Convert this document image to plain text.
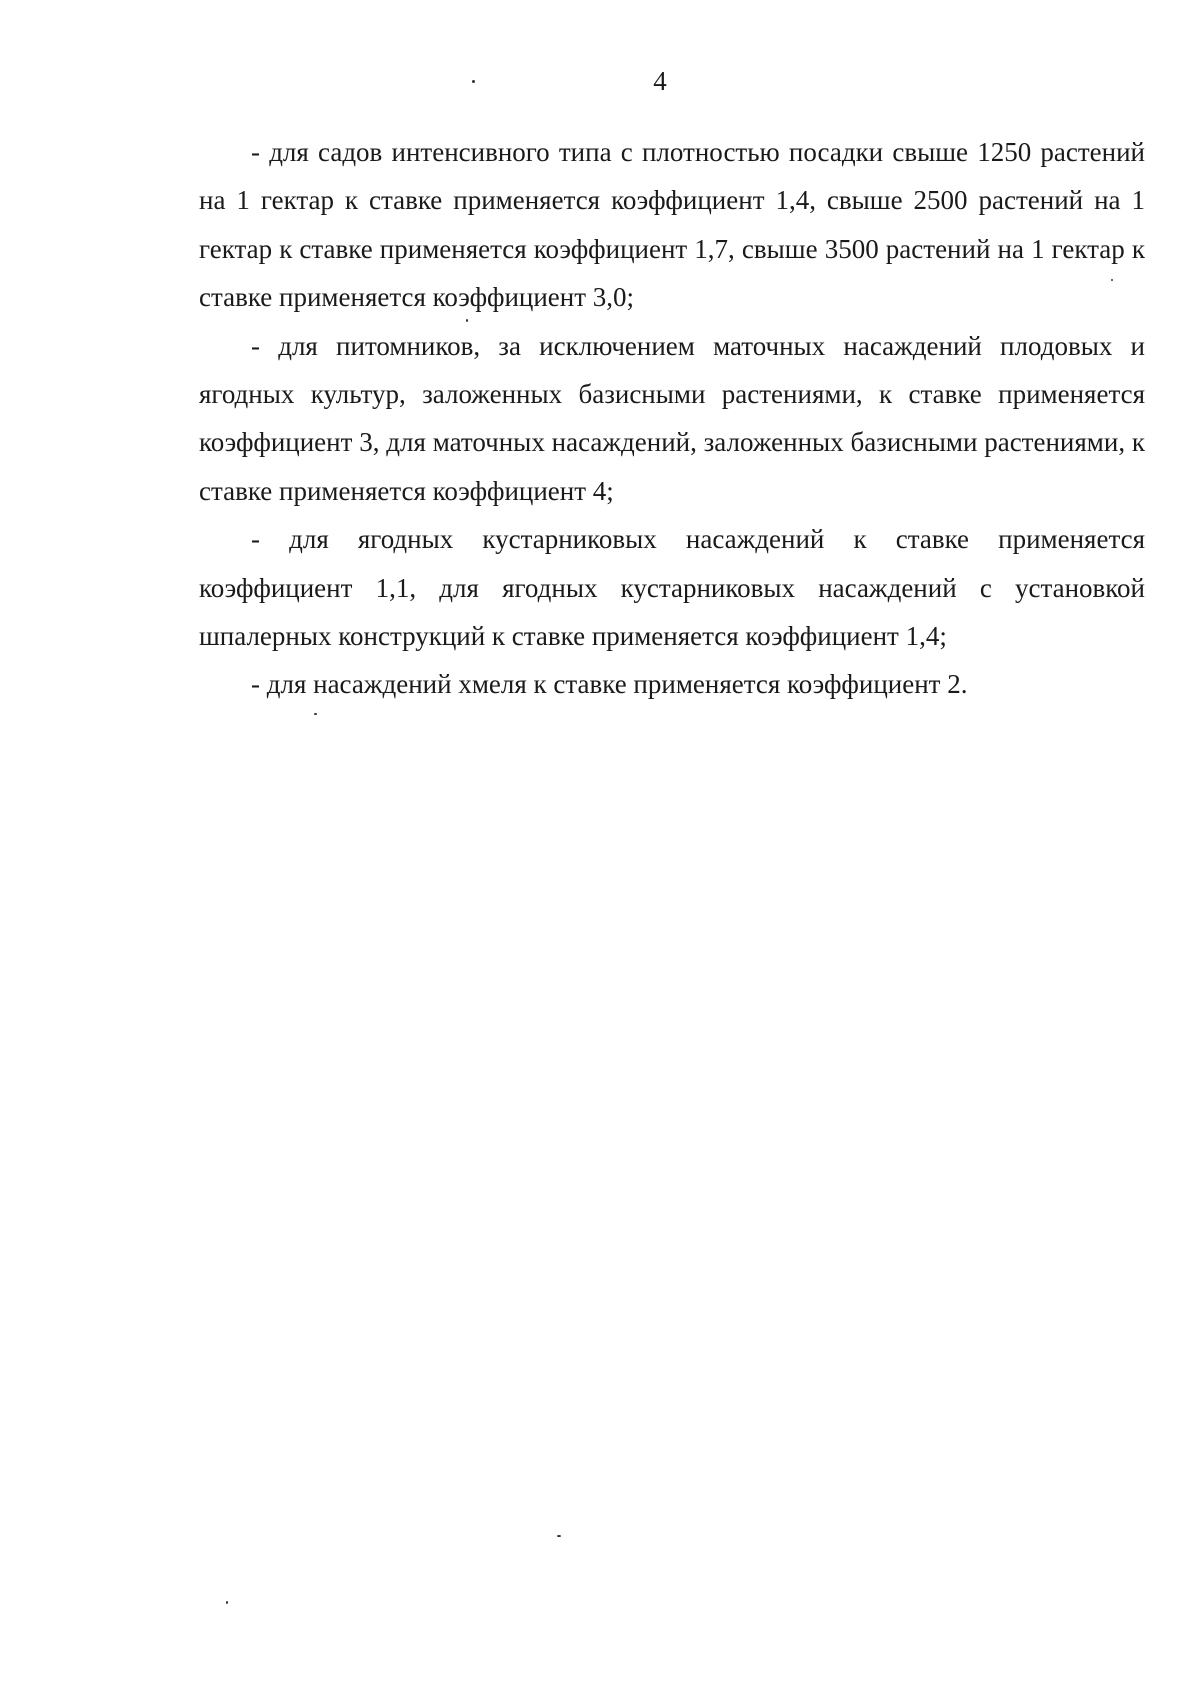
4

- для садов интенсивного типа с плотностью посадки свыше 1250 растений на 1 гектар к ставке применяется коэффициент 1,4, свыше 2500 растений на 1 гектар к ставке применяется коэффициент 1,7, свыше 3500 растений на 1 гектар к ставке применяется коэффициент 3,0;

- для питомников, за исключением маточных насаждений плодовых и ягодных культур, заложенных базисными растениями, к ставке применяется коэффициент 3, для маточных насаждений, заложенных базисными растениями, к ставке применяется коэффициент 4;

- для ягодных кустарниковых насаждений к ставке применяется коэффициент 1,1, для ягодных кустарниковых насаждений с установкой шпалерных конструкций к ставке применяется коэффициент 1,4;

- для насаждений хмеля к ставке применяется коэффициент 2.
